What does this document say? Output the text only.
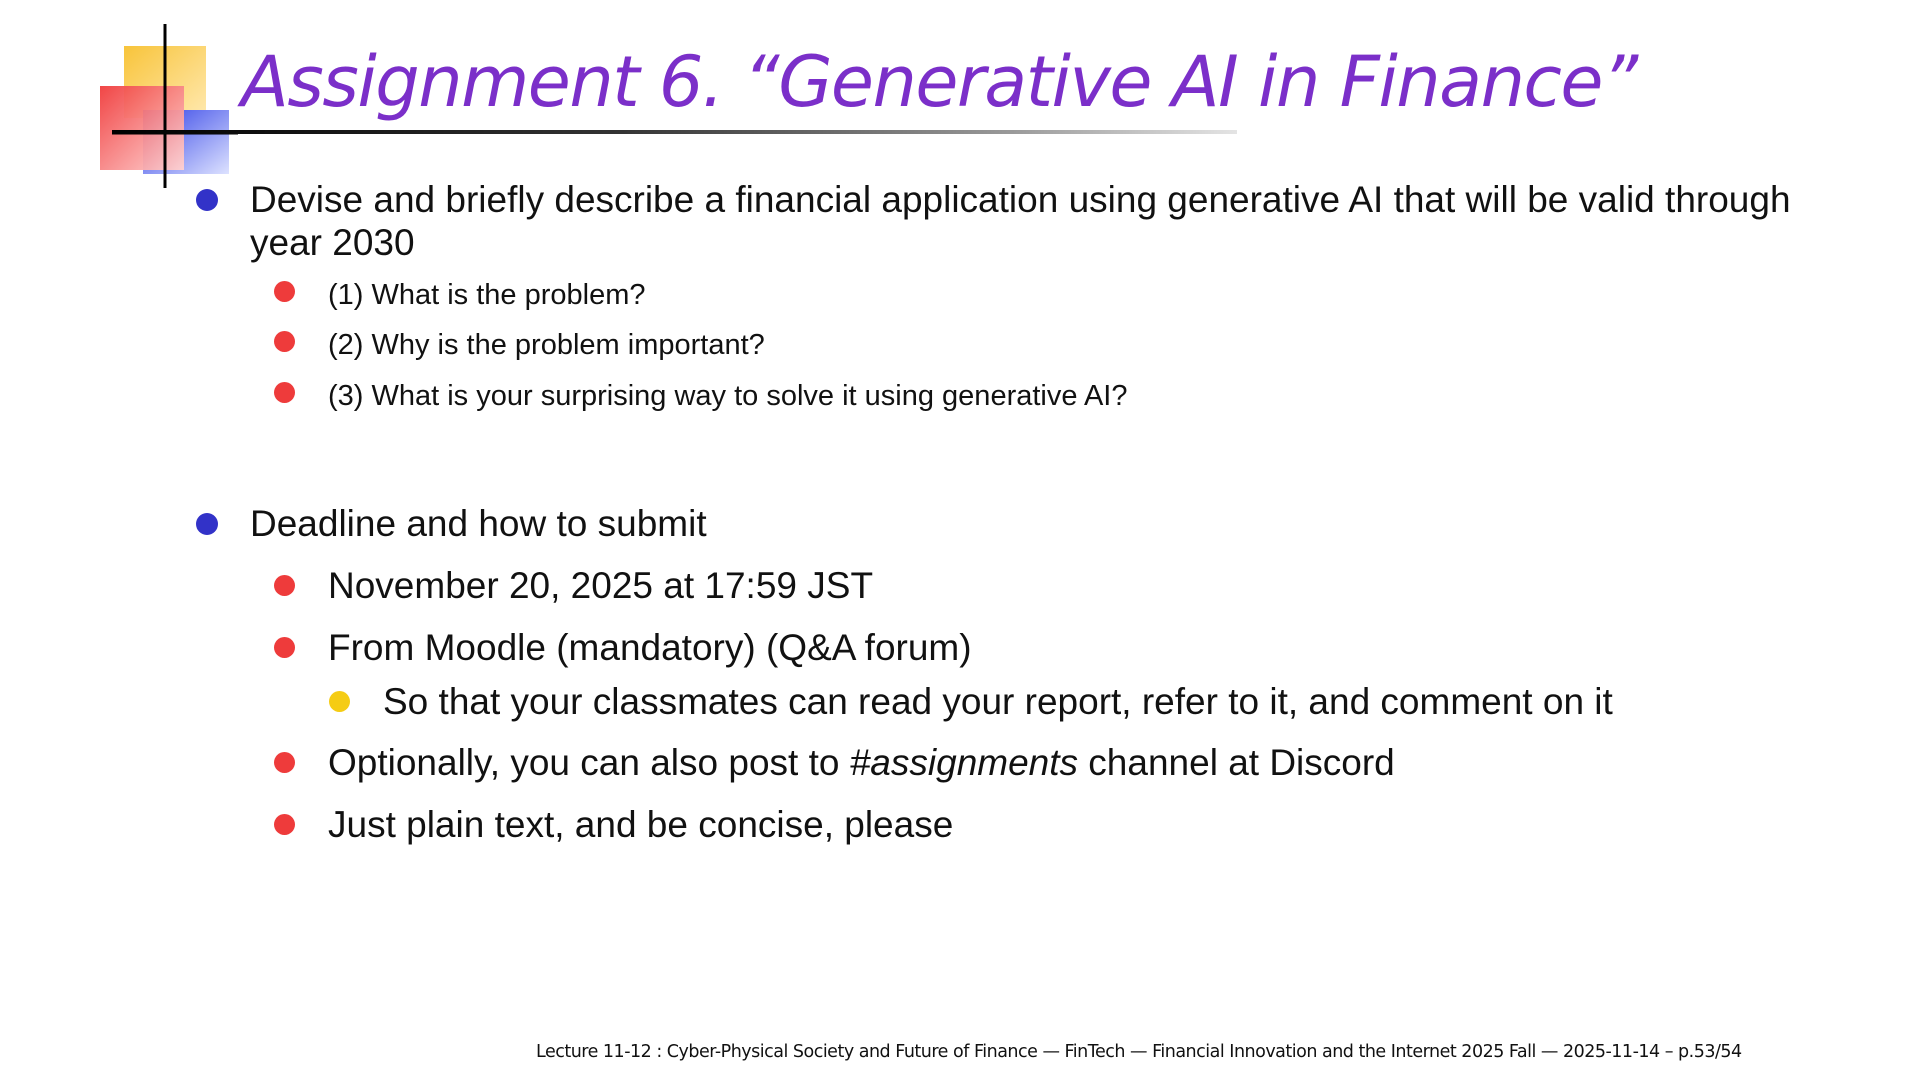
Assignment 6. “Generative AI in Finance”
Devise and briefly describe a financial application using generative AI that will be valid through
year 2030
(1) What is the problem?
(2) Why is the problem important?
(3) What is your surprising way to solve it using generative AI?
Deadline and how to submit
November 20, 2025 at 17:59 JST
From Moodle (mandatory) (Q&A forum)
So that your classmates can read your report, refer to it, and comment on it
Optionally, you can also post to #assignments channel at Discord
Just plain text, and be concise, please
Lecture 11-12 : Cyber-Physical Society and Future of Finance — FinTech — Financial Innovation and the Internet 2025 Fall — 2025-11-14 – p.53/54
